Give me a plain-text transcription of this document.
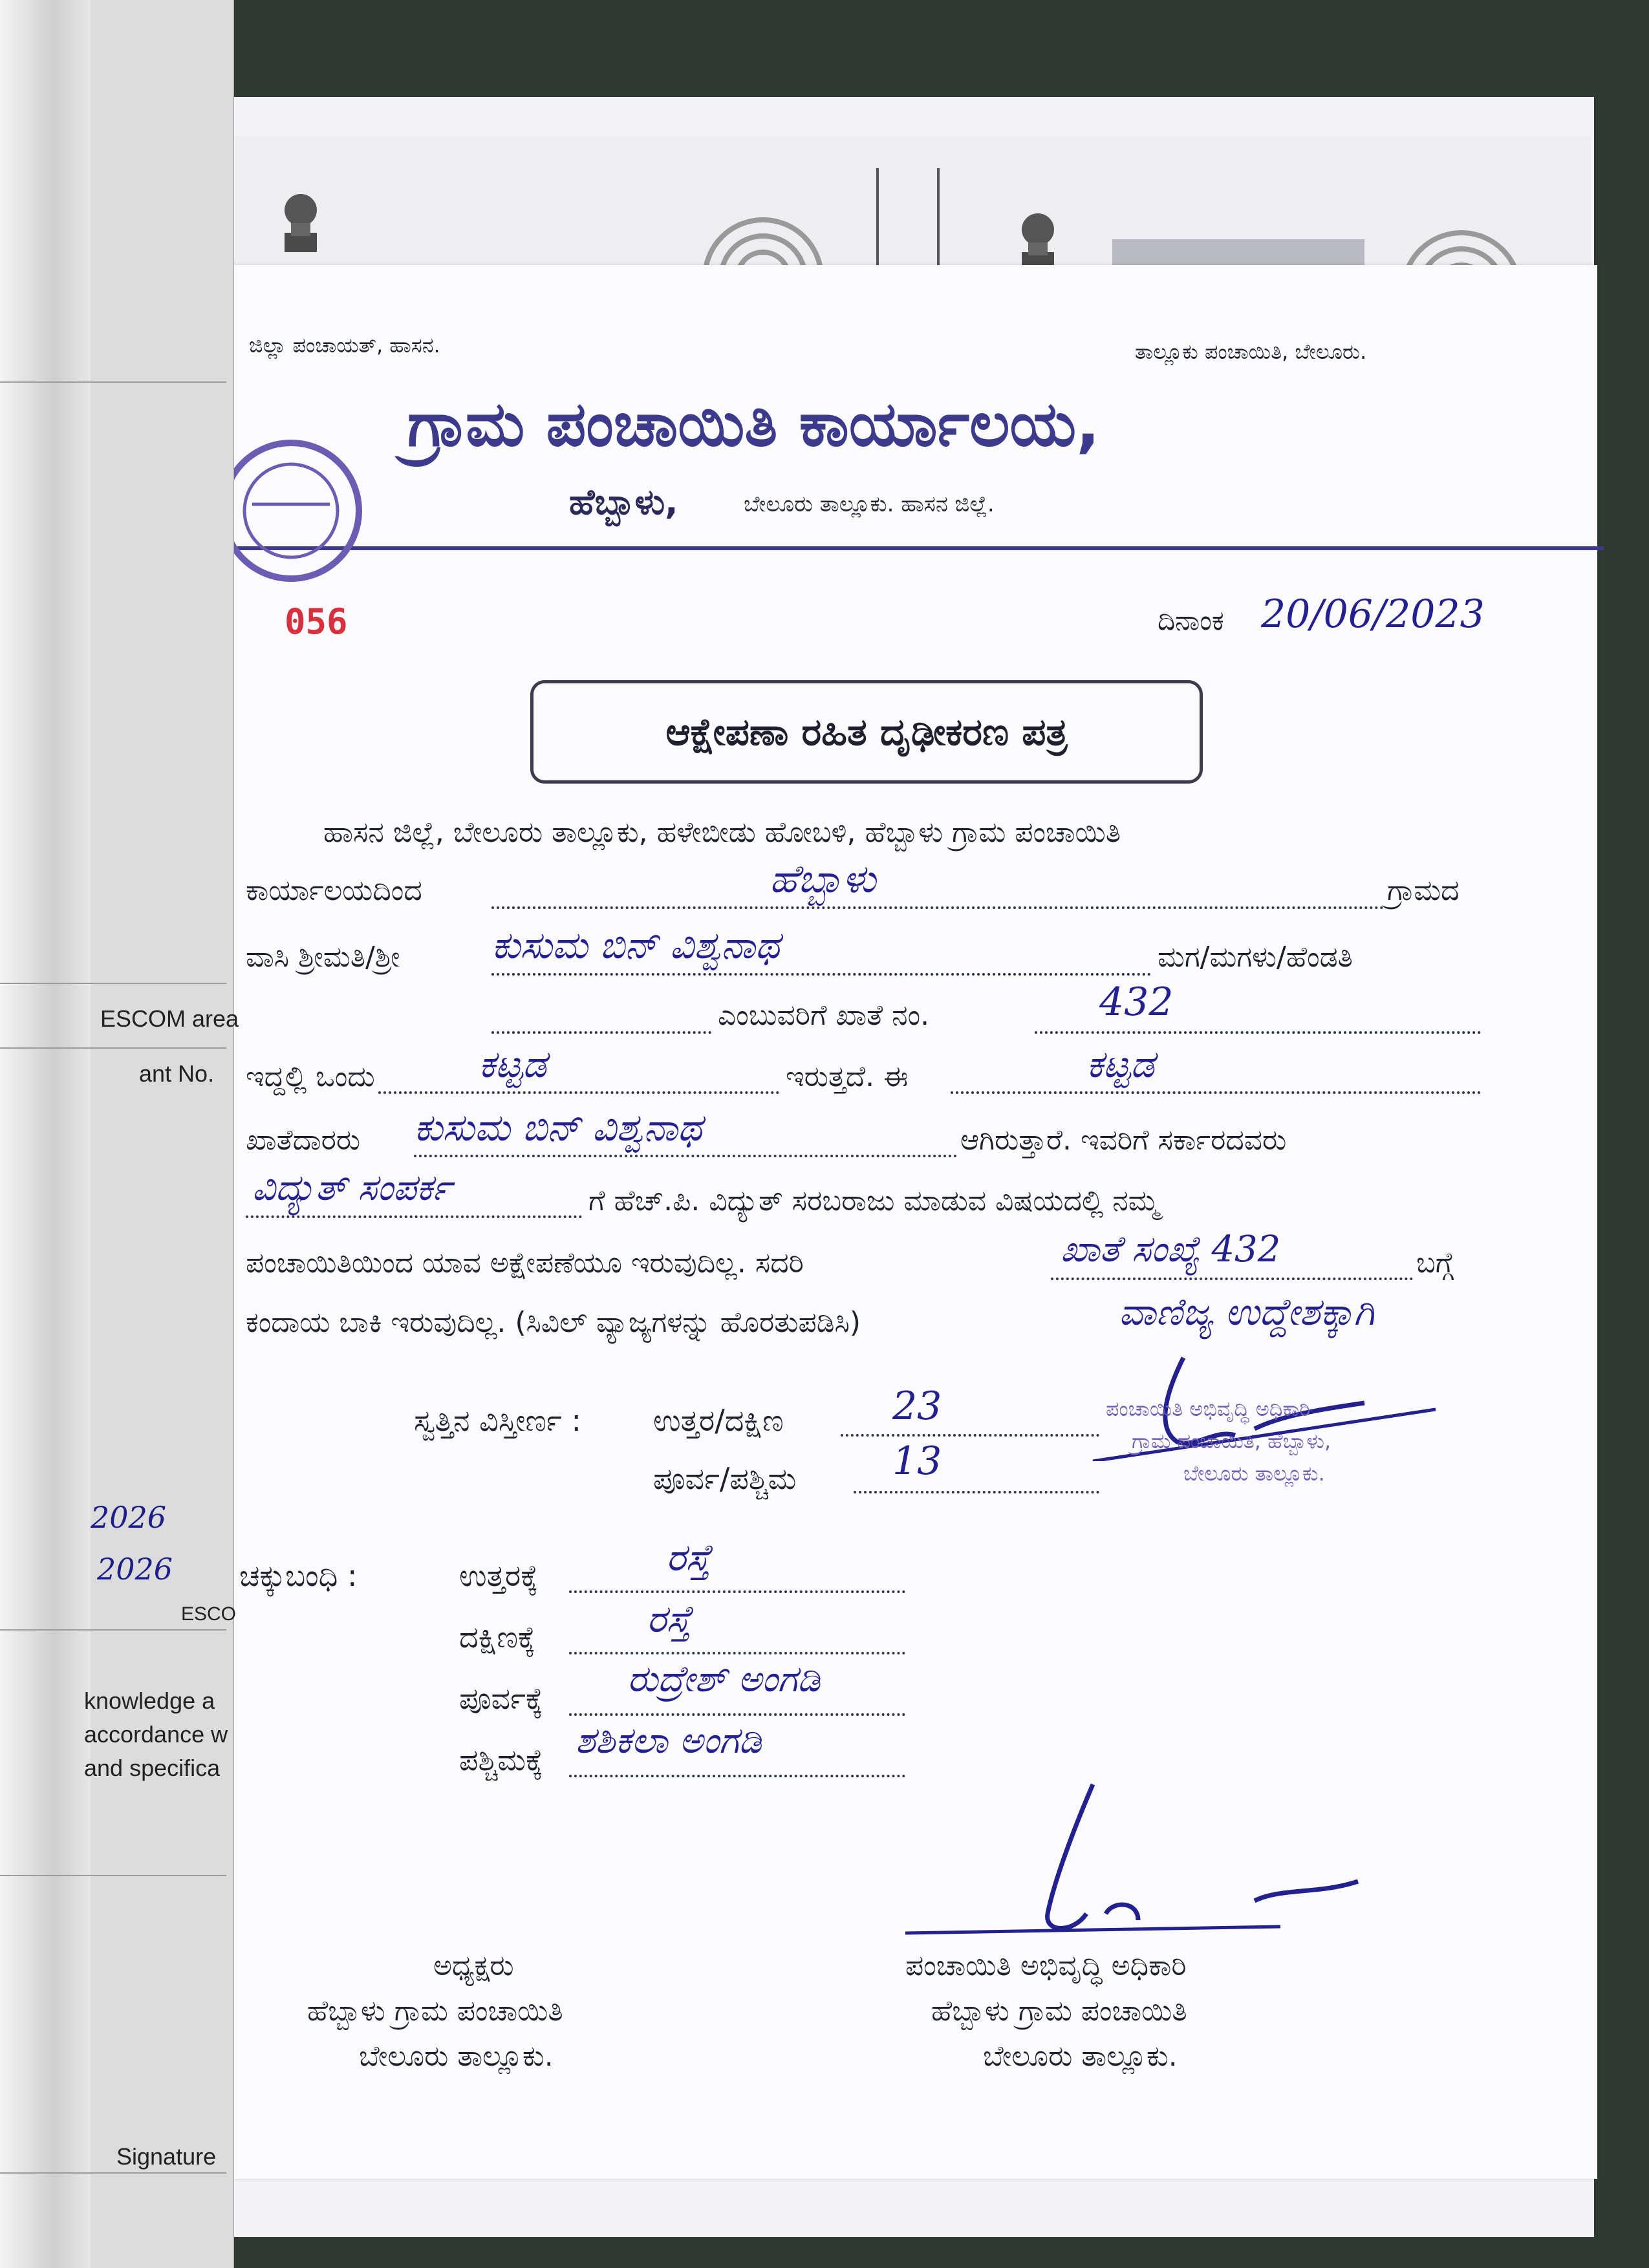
ಜಿಲ್ಲಾ ಪಂಚಾಯತ್, ಹಾಸನ.	ತಾಲ್ಲೂಕು ಪಂಚಾಯಿತಿ, ಬೇಲೂರು.
ಗ್ರಾಮ ಪಂಚಾಯಿತಿ ಕಾರ್ಯಾಲಯ,
ಹೆಬ್ಬಾಳು,	ಬೇಲೂರು ತಾಲ್ಲೂಕು. ಹಾಸನ ಜಿಲ್ಲೆ.
056	ದಿನಾಂಕ 20/06/2023
ಆಕ್ಷೇಪಣಾ ರಹಿತ ದೃಢೀಕರಣ ಪತ್ರ
ಹಾಸನ ಜಿಲ್ಲೆ, ಬೇಲೂರು ತಾಲ್ಲೂಕು, ಹಳೇಬೀಡು ಹೋಬಳಿ, ಹೆಬ್ಬಾಳು ಗ್ರಾಮ ಪಂಚಾಯಿತಿ
ಕಾರ್ಯಾಲಯದಿಂದ	ಹೆಬ್ಬಾಳು	ಗ್ರಾಮದ
ವಾಸಿ ಶ್ರೀಮತಿ/ಶ್ರೀ ಕುಸುಮ ಬಿನ್ ವಿಶ್ವನಾಥ	ಮಗ/ಮಗಳು/ಹೆಂಡತಿ
ಎಂಬುವರಿಗೆ ಖಾತೆ ನಂ.	432
ಇದ್ದಲ್ಲಿ ಒಂದು	ಕಟ್ಟಡ	ಇರುತ್ತದೆ. ಈ	ಕಟ್ಟಡ
ಖಾತೆದಾರರು ಕುಸುಮ ಬಿನ್ ವಿಶ್ವನಾಥ	ಆಗಿರುತ್ತಾರೆ. ಇವರಿಗೆ ಸರ್ಕಾರದವರು
ವಿದ್ಯುತ್ ಸಂಪರ್ಕ	ಗೆ ಹೆಚ್.ಪಿ. ವಿದ್ಯುತ್ ಸರಬರಾಜು ಮಾಡುವ ವಿಷಯದಲ್ಲಿ ನಮ್ಮ
ಪಂಚಾಯಿತಿಯಿಂದ ಯಾವ ಅಕ್ಷೇಪಣೆಯೂ ಇರುವುದಿಲ್ಲ. ಸದರಿ	ಖಾತೆ ಸಂಖ್ಯೆ 432	ಬಗ್ಗೆ
ಕಂದಾಯ ಬಾಕಿ ಇರುವುದಿಲ್ಲ. (ಸಿವಿಲ್ ವ್ಯಾಜ್ಯಗಳನ್ನು ಹೊರತುಪಡಿಸಿ)	ವಾಣಿಜ್ಯ ಉದ್ದೇಶಕ್ಕಾಗಿ
ಸ್ವತ್ತಿನ ವಿಸ್ತೀರ್ಣ : ಉತ್ತರ/ದಕ್ಷಿಣ	23
ಪೂರ್ವ/ಪಶ್ಚಿಮ 13
ಪಂಚಾಯಿತಿ ಅಭಿವೃದ್ಧಿ ಅಧಿಕಾರಿ
ಗ್ರಾಮ ಪಂಚಾಯಿತಿ, ಹೆಬ್ಬಾಳು,
ಬೇಲೂರು ತಾಲ್ಲೂಕು.
ಚಕ್ಕುಬಂಧಿ :	ಉತ್ತರಕ್ಕೆ	ರಸ್ತೆ
ದಕ್ಷಿಣಕ್ಕೆ	ರಸ್ತೆ
ಪೂರ್ವಕ್ಕೆ ರುದ್ರೇಶ್ ಅಂಗಡಿ
ಪಶ್ಚಿಮಕ್ಕೆ ಶಶಿಕಲಾ ಅಂಗಡಿ
ಅಧ್ಯಕ್ಷರು
ಹೆಬ್ಬಾಳು ಗ್ರಾಮ ಪಂಚಾಯಿತಿ
ಬೇಲೂರು ತಾಲ್ಲೂಕು.
ಪಂಚಾಯಿತಿ ಅಭಿವೃದ್ಧಿ ಅಧಿಕಾರಿ
ಹೆಬ್ಬಾಳು ಗ್ರಾಮ ಪಂಚಾಯಿತಿ
ಬೇಲೂರು ತಾಲ್ಲೂಕು.
ESCOM area
ant No.
knowledge a
accordance w
and specifica
Signature
2026
2026
ESCO
